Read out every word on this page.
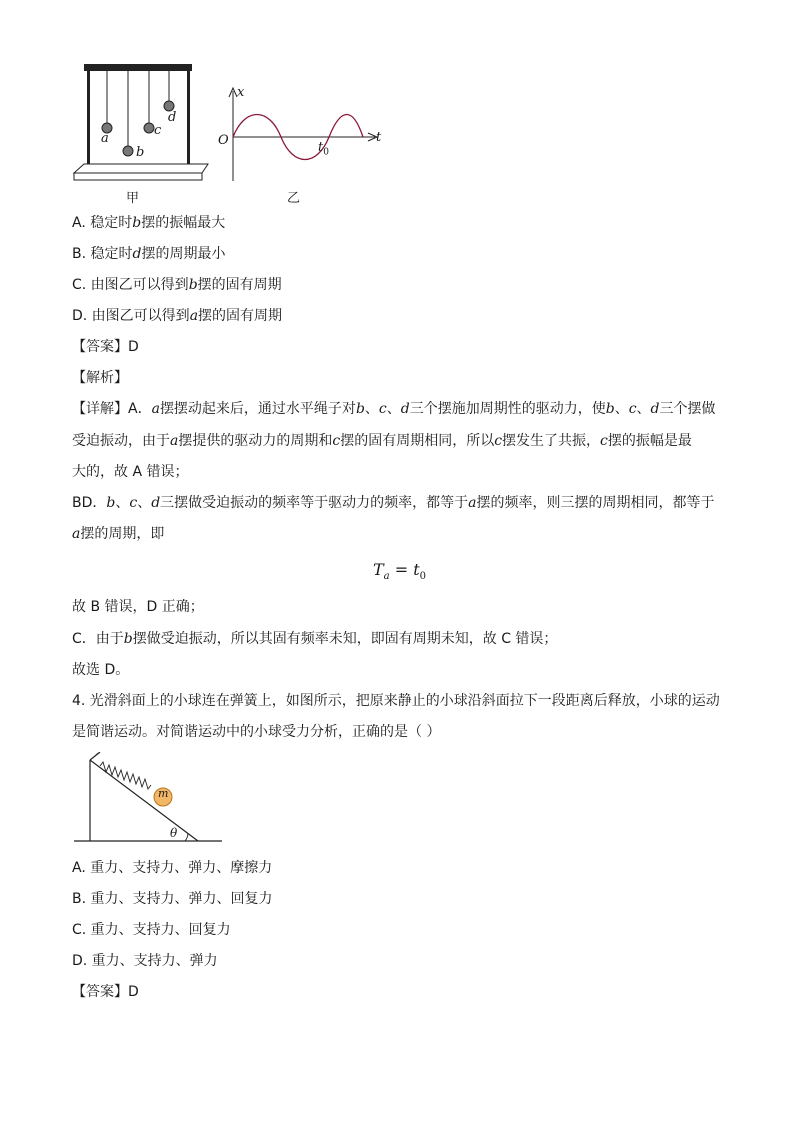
a
b
c
d
甲
x
t
O	$t_0$
乙
A. 稳定时b摆的振幅最大
B. 稳定时d摆的周期最小
C. 由图乙可以得到b摆的固有周期
D. 由图乙可以得到a摆的固有周期
【答案】D
【解析】
【详解】A．a摆摆动起来后，通过水平绳子对b、c、d三个摆施加周期性的驱动力，使b、c、d三个摆做
受迫振动，由于a摆提供的驱动力的周期和c摆的固有周期相同，所以c摆发生了共振，c摆的振幅是最
大的，故 A 错误；
BD．b、c、d三摆做受迫振动的频率等于驱动力的频率，都等于a摆的频率，则三摆的周期相同，都等于
a摆的周期，即
$T_a = t_0$
故 B 错误，D 正确；
C．由于b摆做受迫振动，所以其固有频率未知，即固有周期未知，故 C 错误；
故选 D。
4. 光滑斜面上的小球连在弹簧上，如图所示，把原来静止的小球沿斜面拉下一段距离后释放，小球的运动
是简谐运动。对简谐运动中的小球受力分析，正确的是（ ）
m
θ
A. 重力、支持力、弹力、摩擦力
B. 重力、支持力、弹力、回复力
C. 重力、支持力、回复力
D. 重力、支持力、弹力
【答案】D
